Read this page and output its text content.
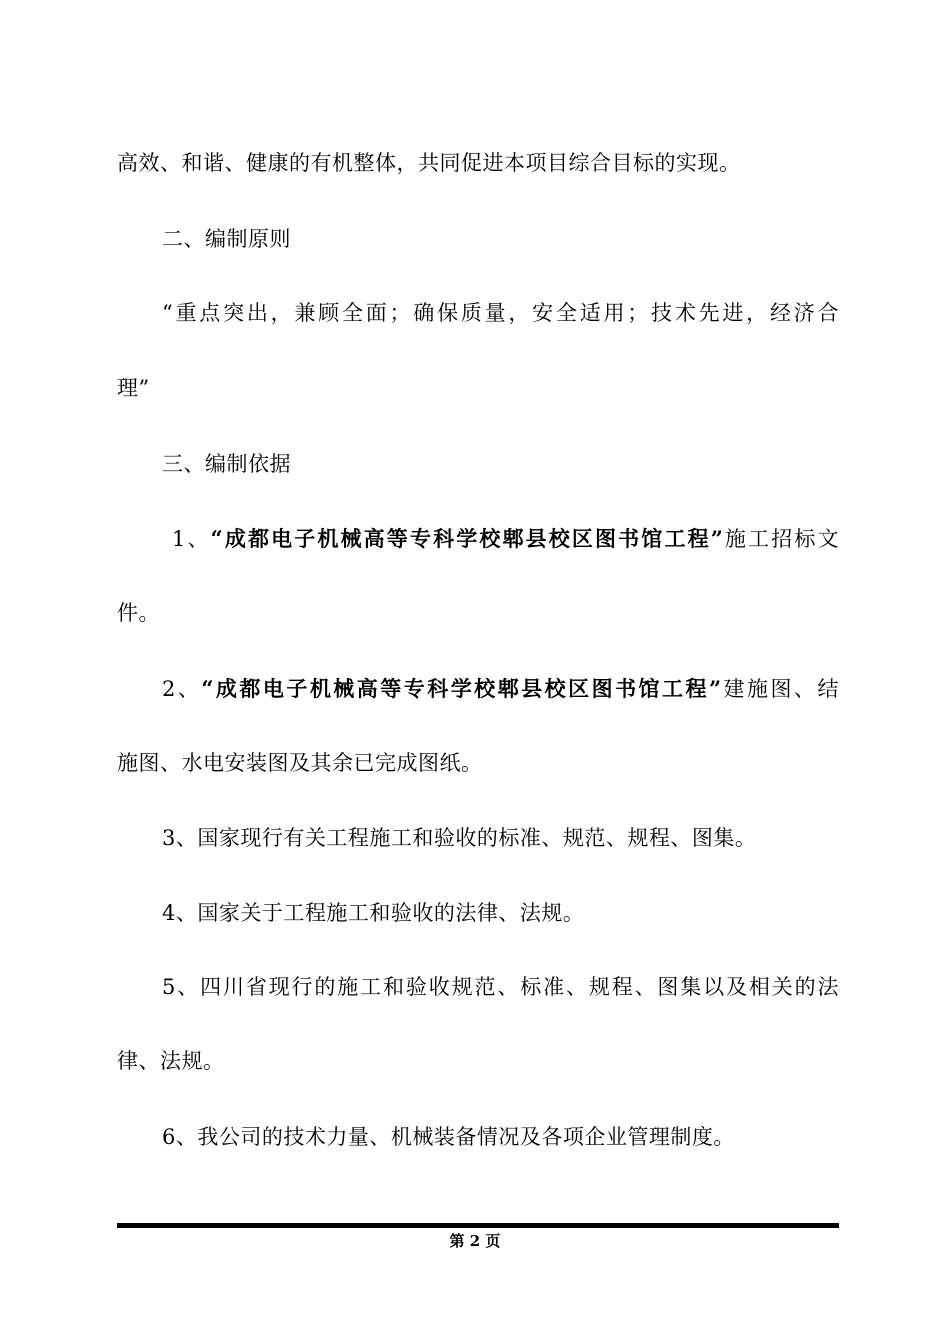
高效、和谐、健康的有机整体，共同促进本项目综合目标的实现。
二、编制原则
“重点突出，兼顾全面；确保质量，安全适用；技术先进，经济合
理”
三、编制依据
1、“成都电子机械高等专科学校郫县校区图书馆工程”施工招标文
件。
2、“成都电子机械高等专科学校郫县校区图书馆工程”建施图、结
施图、水电安装图及其余已完成图纸。
3、国家现行有关工程施工和验收的标准、规范、规程、图集。
4、国家关于工程施工和验收的法律、法规。
5、四川省现行的施工和验收规范、标准、规程、图集以及相关的法
律、法规。
6、我公司的技术力量、机械装备情况及各项企业管理制度。
第 2 页
